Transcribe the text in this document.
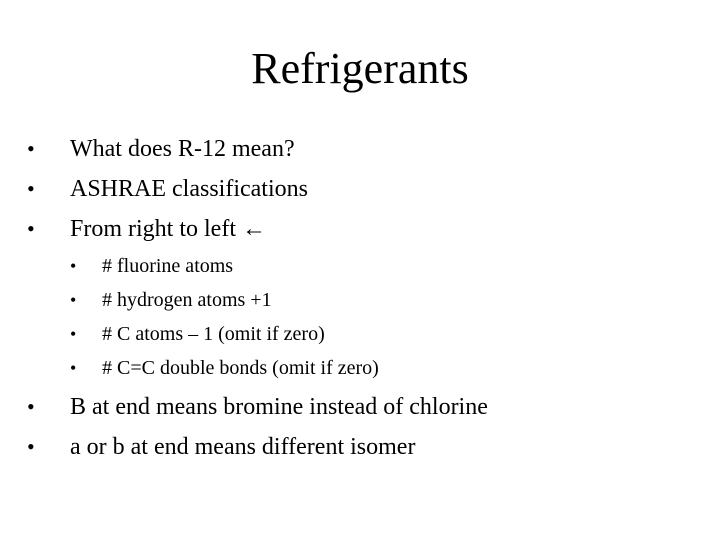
Refrigerants
•	What does R-12 mean?
•	ASHRAE classifications
•	From right to left ←
•	# fluorine atoms
•	# hydrogen atoms +1
•	# C atoms – 1 (omit if zero)
•	# C=C double bonds (omit if zero)
•	B at end means bromine instead of chlorine
•	a or b at end means different isomer
